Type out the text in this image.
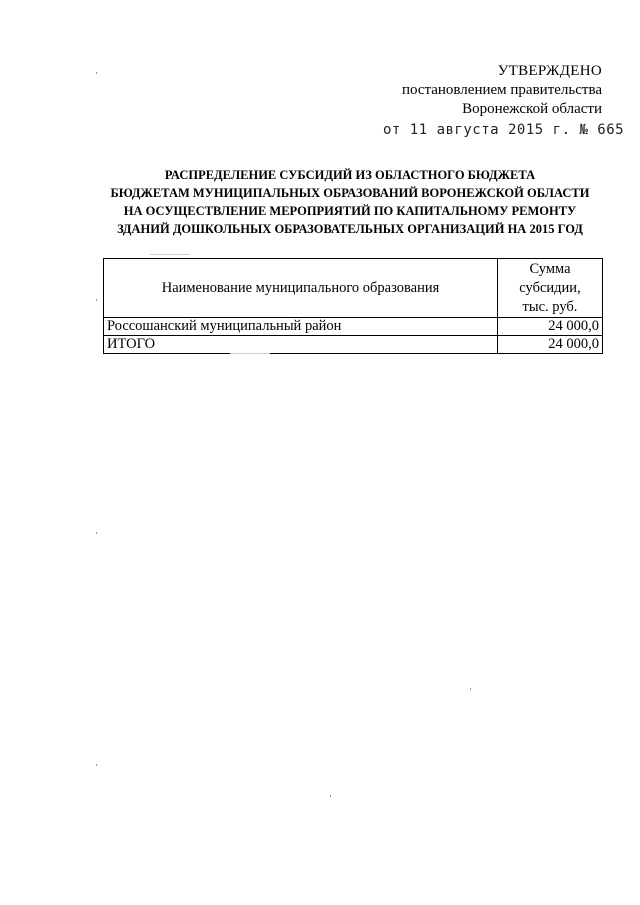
УТВЕРЖДЕНО
постановлением правительства
Воронежской области
от 11 августа 2015 г. № 665
РАСПРЕДЕЛЕНИЕ СУБСИДИЙ ИЗ ОБЛАСТНОГО БЮДЖЕТА
БЮДЖЕТАМ МУНИЦИПАЛЬНЫХ ОБРАЗОВАНИЙ ВОРОНЕЖСКОЙ ОБЛАСТИ
НА ОСУЩЕСТВЛЕНИЕ МЕРОПРИЯТИЙ ПО КАПИТАЛЬНОМУ РЕМОНТУ
ЗДАНИЙ ДОШКОЛЬНЫХ ОБРАЗОВАТЕЛЬНЫХ ОРГАНИЗАЦИЙ НА 2015 ГОД
Наименование муниципального образования	Сумма
субсидии,
тыс. руб.

Россошанский муниципальный район	24 000,0
ИТОГО	24 000,0
